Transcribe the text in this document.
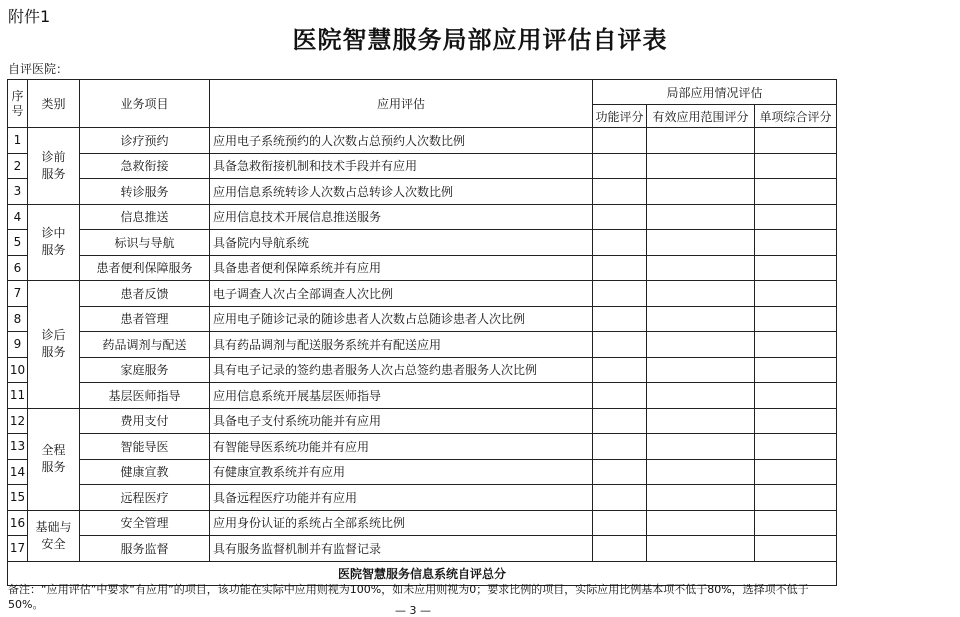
附件1
医院智慧服务局部应用评估自评表
自评医院：
序号	类别	业务项目	应用评估	局部应用情况评估		
				功能评分	有效应用范围评分	单项综合评分
1	诊前服务	诊疗预约	应用电子系统预约的人次数占总预约人次数比例			
2		急救衔接	具备急救衔接机制和技术手段并有应用			
3		转诊服务	应用信息系统转诊人次数占总转诊人次数比例			
4	诊中服务	信息推送	应用信息技术开展信息推送服务			
5		标识与导航	具备院内导航系统			
6		患者便利保障服务	具备患者便利保障系统并有应用			
7	诊后服务	患者反馈	电子调查人次占全部调查人次比例			
8		患者管理	应用电子随诊记录的随诊患者人次数占总随诊患者人次比例			
9		药品调剂与配送	具有药品调剂与配送服务系统并有配送应用			
10		家庭服务	具有电子记录的签约患者服务人次占总签约患者服务人次比例			
11		基层医师指导	应用信息系统开展基层医师指导			
12	全程服务	费用支付	具备电子支付系统功能并有应用			
13		智能导医	有智能导医系统功能并有应用			
14		健康宣教	有健康宣教系统并有应用			
15		远程医疗	具备远程医疗功能并有应用			
16	基础与安全	安全管理	应用身份认证的系统占全部系统比例			
17		服务监督	具有服务监督机制并有监督记录			
医院智慧服务信息系统自评总分						
备注：“应用评估”中要求“有应用”的项目，该功能在实际中应用则视为100%，如未应用则视为0；要求比例的项目，实际应用比例基本项不低于80%，选择项不低于50%。	— 3 —
